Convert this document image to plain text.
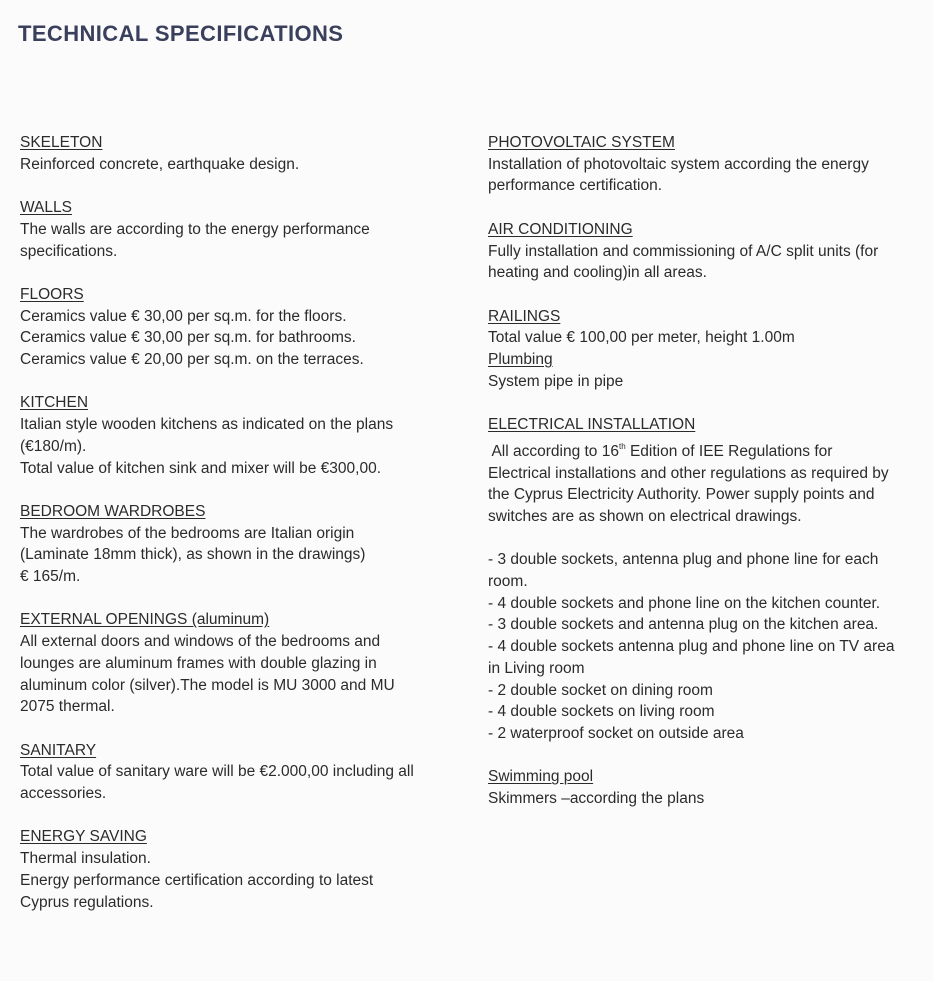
TECHNICAL SPECIFICATIONS
SKELETON
Reinforced concrete, earthquake design.
WALLS
The walls are according to the energy performance
specifications.
FLOORS
Ceramics value € 30,00 per sq.m. for the floors.
Ceramics value € 30,00 per sq.m. for bathrooms.
Ceramics value € 20,00 per sq.m. on the terraces.
KITCHEN
Italian style wooden kitchens as indicated on the plans
(€180/m).
Total value of kitchen sink and mixer will be €300,00.
BEDROOM WARDROBES
The wardrobes of the bedrooms are Italian origin
(Laminate 18mm thick), as shown in the drawings)
€ 165/m.
EXTERNAL OPENINGS (aluminum)
All external doors and windows of the bedrooms and
lounges are aluminum frames with double glazing in
aluminum color (silver).The model is MU 3000 and MU
2075 thermal.
SANITARY
Total value of sanitary ware will be €2.000,00 including all
accessories.
ENERGY SAVING
Thermal insulation.
Energy performance certification according to latest
Cyprus regulations.
PHOTOVOLTAIC SYSTEM
Installation of photovoltaic system according the energy
performance certification.
AIR CONDITIONING
Fully installation and commissioning of A/C split units (for
heating and cooling)in all areas.
RAILINGS
Total value € 100,00 per meter, height 1.00m
Plumbing
System pipe in pipe
ELECTRICAL INSTALLATION
All according to 16th Edition of IEE Regulations for
Electrical installations and other regulations as required by
the Cyprus Electricity Authority. Power supply points and
switches are as shown on electrical drawings.
- 3 double sockets, antenna plug and phone line for each
room.
- 4 double sockets and phone line on the kitchen counter.
- 3 double sockets and antenna plug on the kitchen area.
- 4 double sockets antenna plug and phone line on TV area
in Living room
- 2 double socket on dining room
- 4 double sockets on living room
- 2 waterproof socket on outside area
Swimming pool
Skimmers –according the plans
